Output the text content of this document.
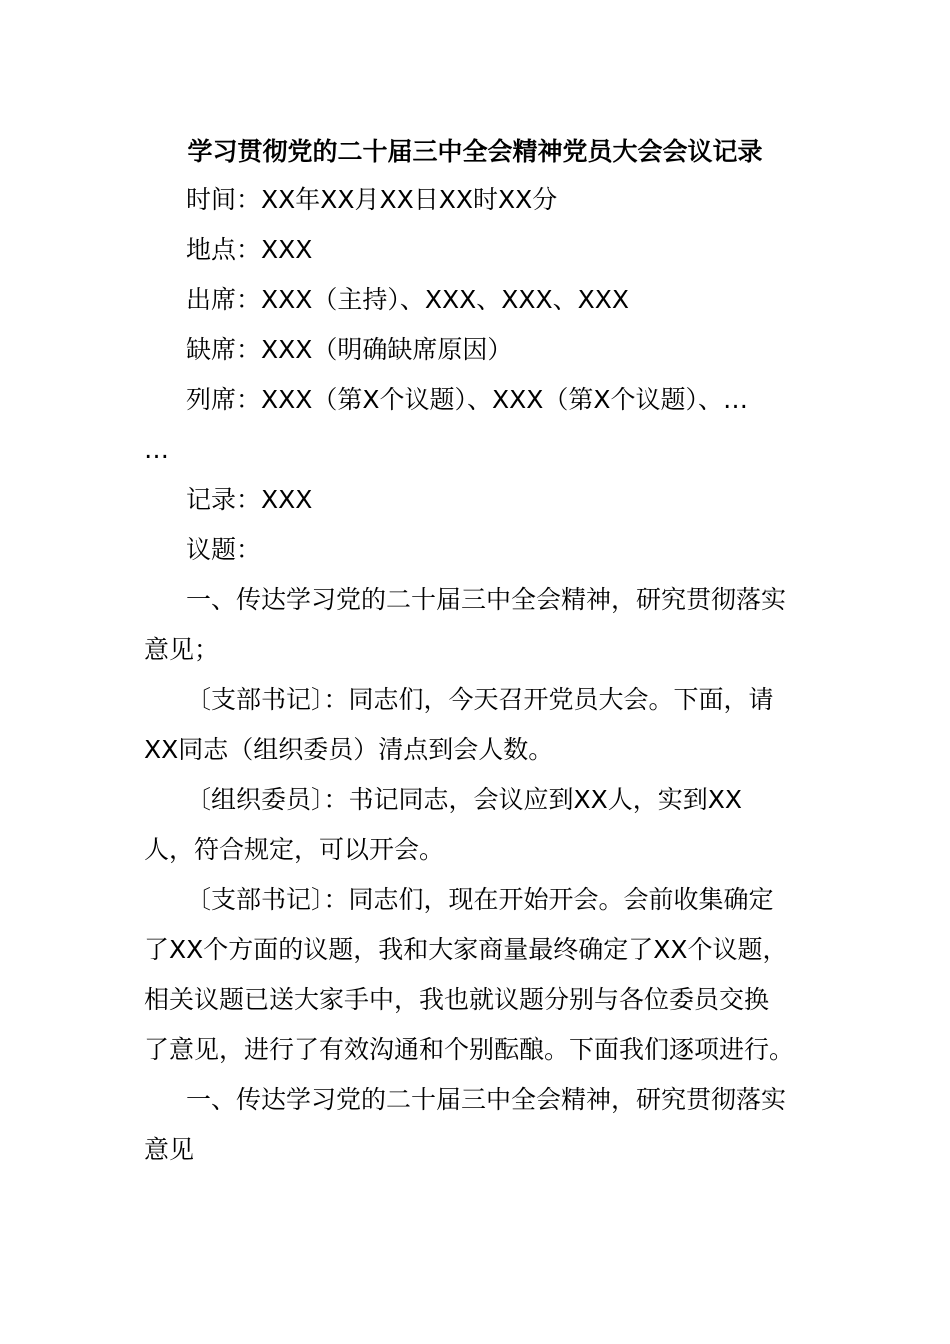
学习贯彻党的二十届三中全会精神党员大会会议记录
时间：XX年XX月XX日XX时XX分
地点：XXX
出席：XXX（主持）、XXX、XXX、XXX
缺席：XXX（明确缺席原因）
列席：XXX（第X个议题）、XXX（第X个议题）、…
…
记录：XXX
议题：
一、传达学习党的二十届三中全会精神，研究贯彻落实
意见；
〔支部书记〕：同志们，今天召开党员大会。下面，请
XX同志（组织委员）清点到会人数。
〔组织委员〕：书记同志，会议应到XX人，实到XX
人，符合规定，可以开会。
〔支部书记〕：同志们，现在开始开会。会前收集确定
了XX个方面的议题，我和大家商量最终确定了XX个议题，
相关议题已送大家手中，我也就议题分别与各位委员交换
了意见，进行了有效沟通和个别酝酿。下面我们逐项进行。
一、传达学习党的二十届三中全会精神，研究贯彻落实
意见
